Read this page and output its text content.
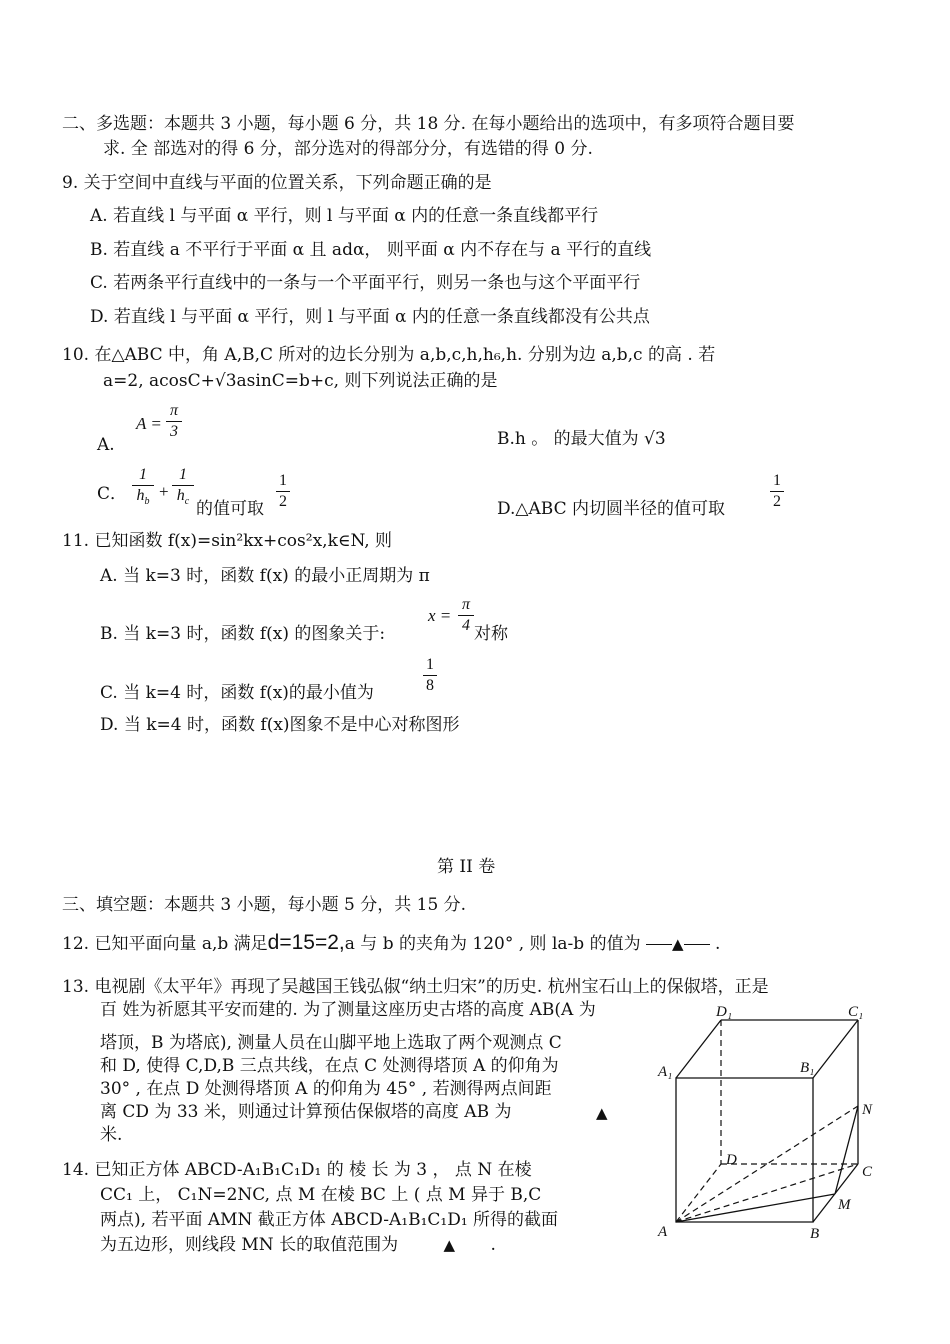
二、多选题：本题共 3 小题，每小题 6 分，共 18 分. 在每小题给出的选项中，有多项符合题目要
求. 全 部选对的得 6 分，部分选对的得部分分，有选错的得 0 分.
9. 关于空间中直线与平面的位置关系，下列命题正确的是
A. 若直线 l 与平面 α 平行，则 l 与平面 α 内的任意一条直线都平行
B. 若直线 a 不平行于平面 α 且 adα， 则平面 α 内不存在与 a 平行的直线
C. 若两条平行直线中的一条与一个平面平行，则另一条也与这个平面平行
D. 若直线 l 与平面 α 平行，则 l 与平面 α 内的任意一条直线都没有公共点
10. 在△ABC 中，角 A,B,C 所对的边长分别为 a,b,c,h,h₆,h. 分别为边 a,b,c 的高 . 若
a=2, acosC+√3asinC=b+c, 则下列说法正确的是
A.
A =
π
3	B.h 。 的最大值为 √3
C．
1
$h_b$
+
1
$h_c$ 的值可取
1
2	D.△ABC 内切圆半径的值可取
1
2
11. 已知函数 f(x)=sin²kx+cos²x,k∈N, 则
A. 当 k=3 时，函数 f(x) 的最小正周期为 π
B. 当 k=3 时，函数 f(x) 的图象关于:
x =
π
4 对称
C. 当 k=4 时，函数 f(x)的最小值为
1
8
D. 当 k=4 时，函数 f(x)图象不是中心对称图形
第 II 卷
三、填空题：本题共 3 小题，每小题 5 分，共 15 分.
12. 已知平面向量 a,b 满足d=15=2,a 与 b 的夹角为 120° , 则 la-b 的值为 ▲ .
13. 电视剧《太平年》再现了吴越国王钱弘俶“纳土归宋”的历史. 杭州宝石山上的保俶塔，正是
百 姓为祈愿其平安而建的. 为了测量这座历史古塔的高度 AB(A 为
塔顶，B 为塔底), 测量人员在山脚平地上选取了两个观测点 C
和 D, 使得 C,D,B 三点共线，在点 C 处测得塔顶 A 的仰角为
30° , 在点 D 处测得塔顶 A 的仰角为 45° , 若测得两点间距
离 CD 为 33 米，则通过计算预估保俶塔的高度 AB 为	▲
米.
14. 已知正方体 ABCD-A₁B₁C₁D₁ 的 棱 长 为 3 ， 点 N 在棱
CC₁ 上， C₁N=2NC, 点 M 在棱 BC 上 ( 点 M 异于 B,C
两点), 若平面 AMN 截正方体 ABCD-A₁B₁C₁D₁ 所得的截面
为五边形，则线段 MN 长的取值范围为	▲ .
A	B
C
D
A₁	B₁
C₁
D₁
M
N
